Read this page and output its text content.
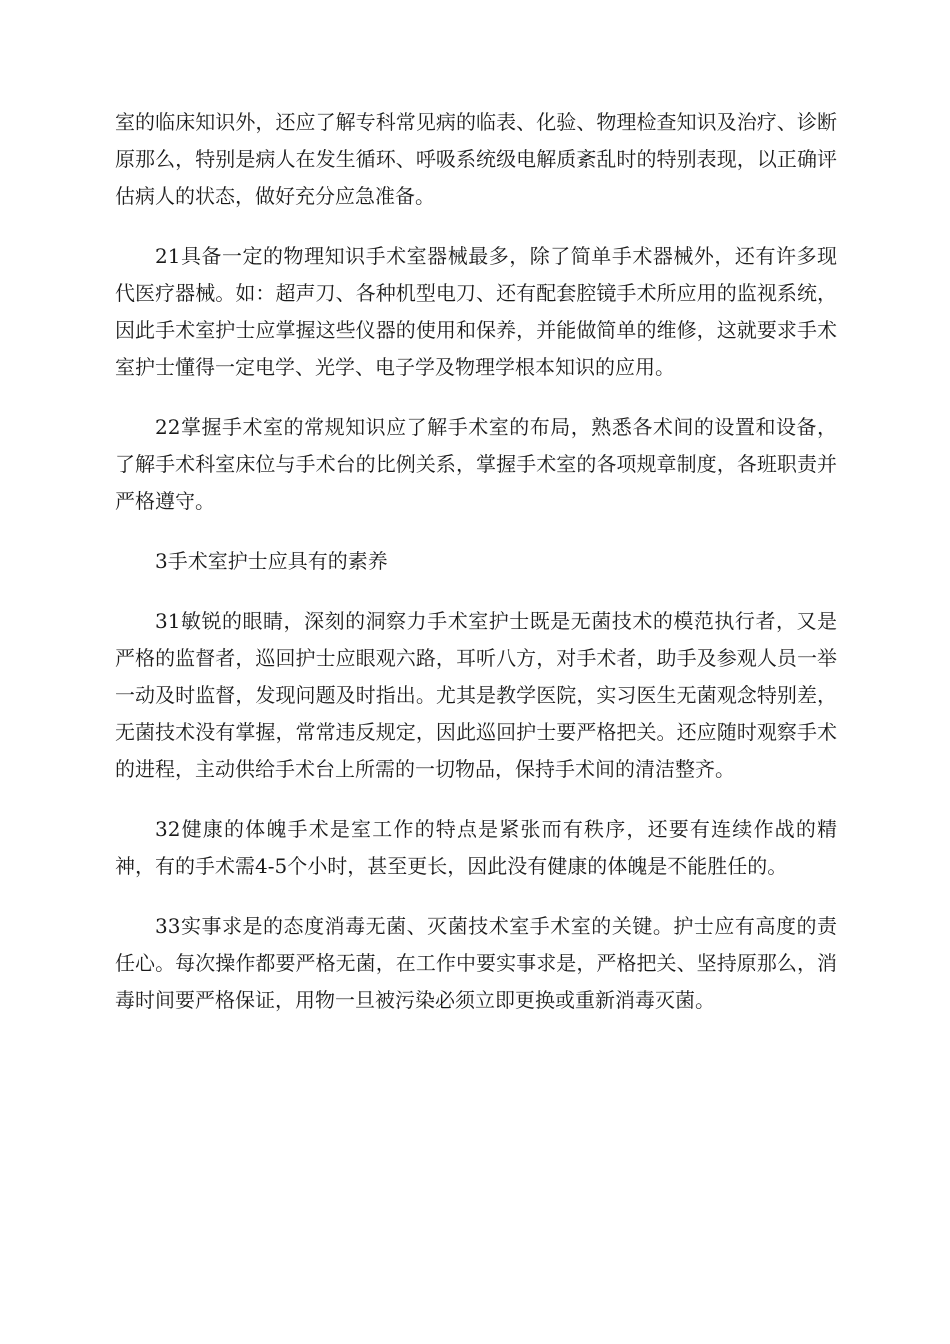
室的临床知识外，还应了解专科常见病的临表、化验、物理检查知识及治疗、诊断原那么，特别是病人在发生循环、呼吸系统级电解质紊乱时的特别表现，以正确评估病人的状态，做好充分应急准备。

21具备一定的物理知识手术室器械最多，除了简单手术器械外，还有许多现代医疗器械。如：超声刀、各种机型电刀、还有配套腔镜手术所应用的监视系统，因此手术室护士应掌握这些仪器的使用和保养，并能做简单的维修，这就要求手术室护士懂得一定电学、光学、电子学及物理学根本知识的应用。

22掌握手术室的常规知识应了解手术室的布局，熟悉各术间的设置和设备，了解手术科室床位与手术台的比例关系，掌握手术室的各项规章制度，各班职责并严格遵守。

3手术室护士应具有的素养

31敏锐的眼睛，深刻的洞察力手术室护士既是无菌技术的模范执行者，又是严格的监督者，巡回护士应眼观六路，耳听八方，对手术者，助手及参观人员一举一动及时监督，发现问题及时指出。尤其是教学医院，实习医生无菌观念特别差，无菌技术没有掌握，常常违反规定，因此巡回护士要严格把关。还应随时观察手术的进程，主动供给手术台上所需的一切物品，保持手术间的清洁整齐。

32健康的体魄手术是室工作的特点是紧张而有秩序，还要有连续作战的精神，有的手术需4-5个小时，甚至更长，因此没有健康的体魄是不能胜任的。

33实事求是的态度消毒无菌、灭菌技术室手术室的关键。护士应有高度的责任心。每次操作都要严格无菌，在工作中要实事求是，严格把关、坚持原那么，消毒时间要严格保证，用物一旦被污染必须立即更换或重新消毒灭菌。
